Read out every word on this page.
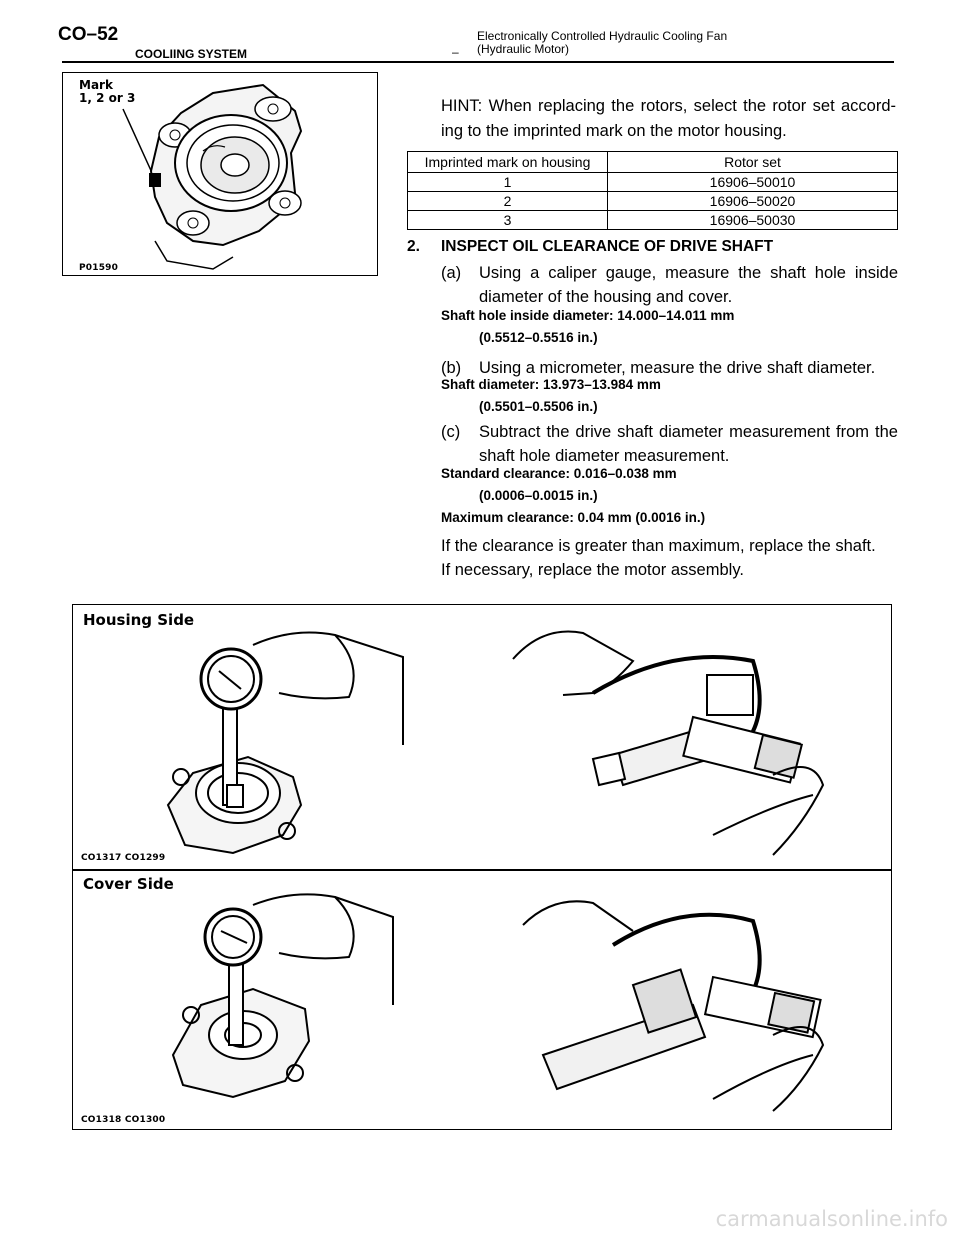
CO–52
COOLIING SYSTEM	–
Electronically Controlled Hydraulic Cooling Fan
(Hydraulic Motor)
Mark
1, 2 or 3
P01590
HINT: When replacing the rotors, select the rotor set accord-
ing to the imprinted mark on the motor housing.
Imprinted mark on housing	Rotor set
1	16906–50010
2	16906–50020
3	16906–50030
2. INSPECT OIL CLEARANCE OF DRIVE SHAFT
(a) Using a caliper gauge, measure the shaft hole inside diameter of the housing and cover.
Shaft hole inside diameter: 14.000–14.011 mm
(0.5512–0.5516 in.)
(b) Using a micrometer, measure the drive shaft diameter.
Shaft diameter: 13.973–13.984 mm
(0.5501–0.5506 in.)
(c) Subtract the drive shaft diameter measurement from the shaft hole diameter measurement.
Standard clearance: 0.016–0.038 mm
(0.0006–0.0015 in.)
Maximum clearance: 0.04 mm (0.0016 in.)
If the clearance is greater than maximum, replace the shaft.
If necessary, replace the motor assembly.
Housing Side
CO1317 CO1299
Cover Side
CO1318 CO1300
carmanualsonline.info
